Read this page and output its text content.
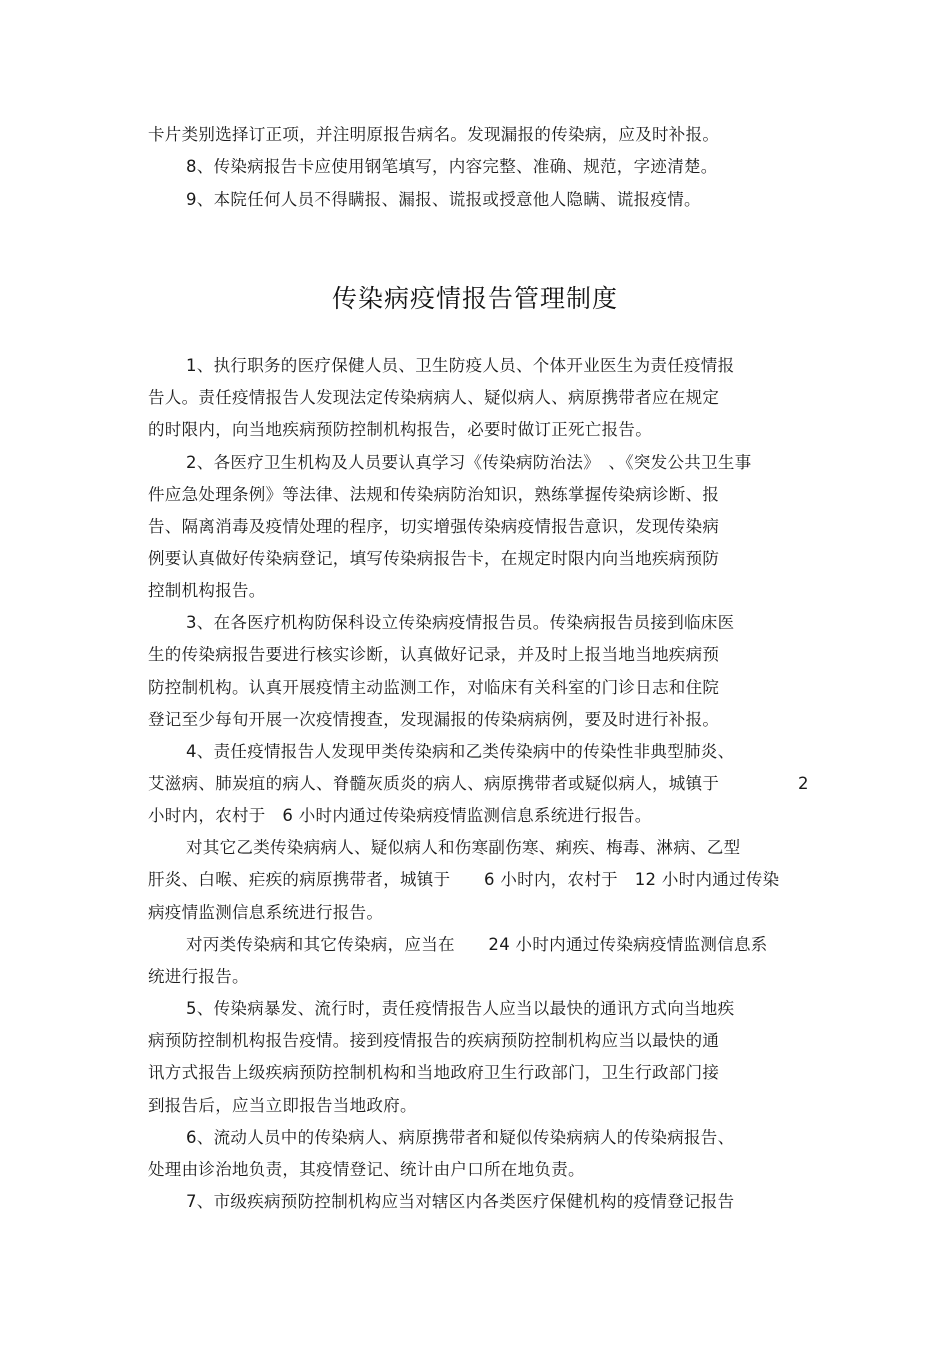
卡片类别选择订正项，并注明原报告病名。发现漏报的传染病，应及时补报。
8、传染病报告卡应使用钢笔填写，内容完整、准确、规范，字迹清楚。
9、本院任何人员不得瞒报、漏报、谎报或授意他人隐瞒、谎报疫情。
传染病疫情报告管理制度
1、执行职务的医疗保健人员、卫生防疫人员、个体开业医生为责任疫情报
告人。责任疫情报告人发现法定传染病病人、疑似病人、病原携带者应在规定
的时限内，向当地疾病预防控制机构报告，必要时做订正死亡报告。
2、各医疗卫生机构及人员要认真学习《传染病防治法》　、《突发公共卫生事
件应急处理条例》等法律、法规和传染病防治知识，熟练掌握传染病诊断、报
告、隔离消毒及疫情处理的程序，切实增强传染病疫情报告意识，发现传染病
例要认真做好传染病登记，填写传染病报告卡，在规定时限内向当地疾病预防
控制机构报告。
3、在各医疗机构防保科设立传染病疫情报告员。传染病报告员接到临床医
生的传染病报告要进行核实诊断，认真做好记录，并及时上报当地当地疾病预
防控制机构。认真开展疫情主动监测工作，对临床有关科室的门诊日志和住院
登记至少每旬开展一次疫情搜查，发现漏报的传染病病例，要及时进行补报。
4、责任疫情报告人发现甲类传染病和乙类传染病中的传染性非典型肺炎、
艾滋病、肺炭疽的病人、脊髓灰质炎的病人、病原携带者或疑似病人，城镇于	2
小时内，农村于　6 小时内通过传染病疫情监测信息系统进行报告。
对其它乙类传染病病人、疑似病人和伤寒副伤寒、痢疾、梅毒、淋病、乙型
肝炎、白喉、疟疾的病原携带者，城镇于　　6 小时内，农村于　12 小时内通过传染
病疫情监测信息系统进行报告。
对丙类传染病和其它传染病，应当在　　24 小时内通过传染病疫情监测信息系
统进行报告。
5、传染病暴发、流行时，责任疫情报告人应当以最快的通讯方式向当地疾
病预防控制机构报告疫情。接到疫情报告的疾病预防控制机构应当以最快的通
讯方式报告上级疾病预防控制机构和当地政府卫生行政部门，卫生行政部门接
到报告后，应当立即报告当地政府。
6、流动人员中的传染病人、病原携带者和疑似传染病病人的传染病报告、
处理由诊治地负责，其疫情登记、统计由户口所在地负责。
7、市级疾病预防控制机构应当对辖区内各类医疗保健机构的疫情登记报告
